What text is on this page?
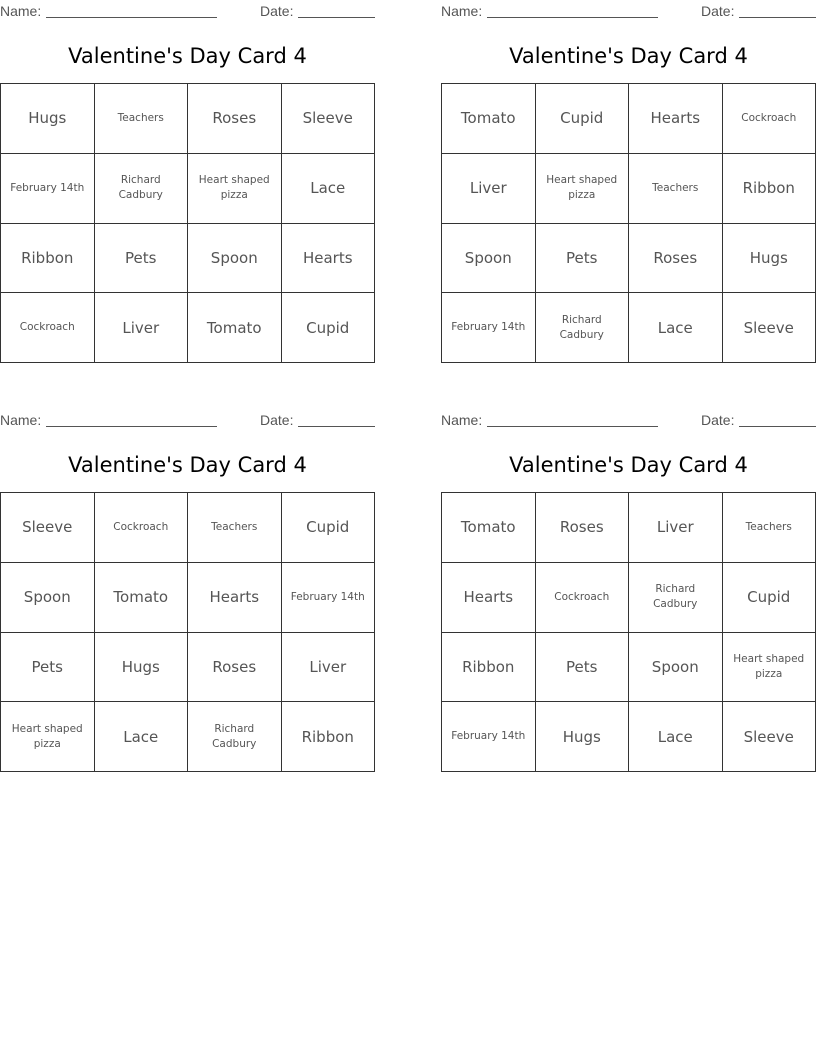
Name:	Date:
Valentine's Day Card 4
Hugs	Teachers	Roses	Sleeve
February 14th	Richard Cadbury	Heart shaped pizza	Lace
Ribbon	Pets	Spoon	Hearts
Cockroach	Liver	Tomato	Cupid
Name:	Date:
Valentine's Day Card 4
Tomato	Cupid	Hearts	Cockroach
Liver	Heart shaped pizza	Teachers	Ribbon
Spoon	Pets	Roses	Hugs
February 14th	Richard Cadbury	Lace	Sleeve
Name:	Date:
Valentine's Day Card 4
Sleeve	Cockroach	Teachers	Cupid
Spoon	Tomato	Hearts	February 14th
Pets	Hugs	Roses	Liver
Heart shaped pizza	Lace	Richard Cadbury	Ribbon
Name:	Date:
Valentine's Day Card 4
Tomato	Roses	Liver	Teachers
Hearts	Cockroach	Richard Cadbury	Cupid
Ribbon	Pets	Spoon	Heart shaped pizza
February 14th	Hugs	Lace	Sleeve
